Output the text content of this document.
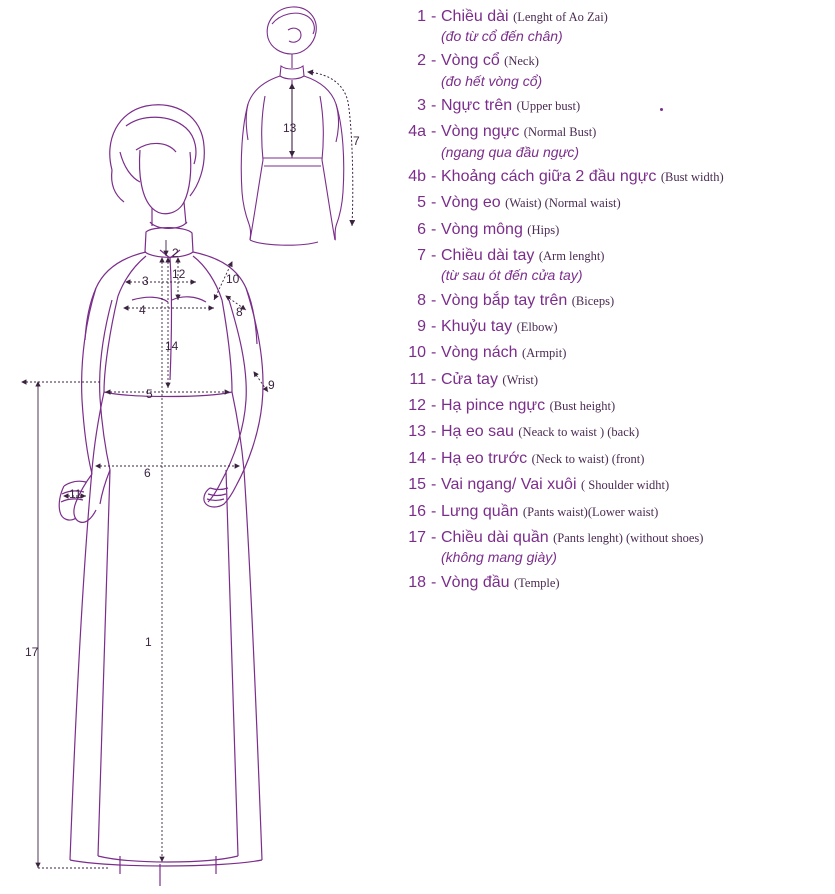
13
7
2
3 12	10
4	8
14
9
5
6
11
17
1
1 - Chiều dài (Lenght of Ao Zai)
(đo từ cổ đến chân)
2 - Vòng cổ (Neck)
(đo hết vòng cổ)
3 - Ngực trên (Upper bust)
4a - Vòng ngực (Normal Bust)
(ngang qua đầu ngực)
4b - Khoảng cách giữa 2 đầu ngực (Bust width)
5 - Vòng eo (Waist) (Normal waist)
6 - Vòng mông (Hips)
7 - Chiều dài tay (Arm lenght)
(từ sau ót đến cửa tay)
8 - Vòng bắp tay trên (Biceps)
9 - Khuỷu tay (Elbow)
10 - Vòng nách (Armpit)
11 - Cửa tay (Wrist)
12 - Hạ pince ngực (Bust height)
13 - Hạ eo sau (Neack to waist ) (back)
14 - Hạ eo trước (Neck to waist) (front)
15 - Vai ngang/ Vai xuôi ( Shoulder widht)
16 - Lưng quần (Pants waist)(Lower waist)
17 - Chiều dài quần (Pants lenght) (without shoes)
(không mang giày)
18 - Vòng đầu (Temple)
